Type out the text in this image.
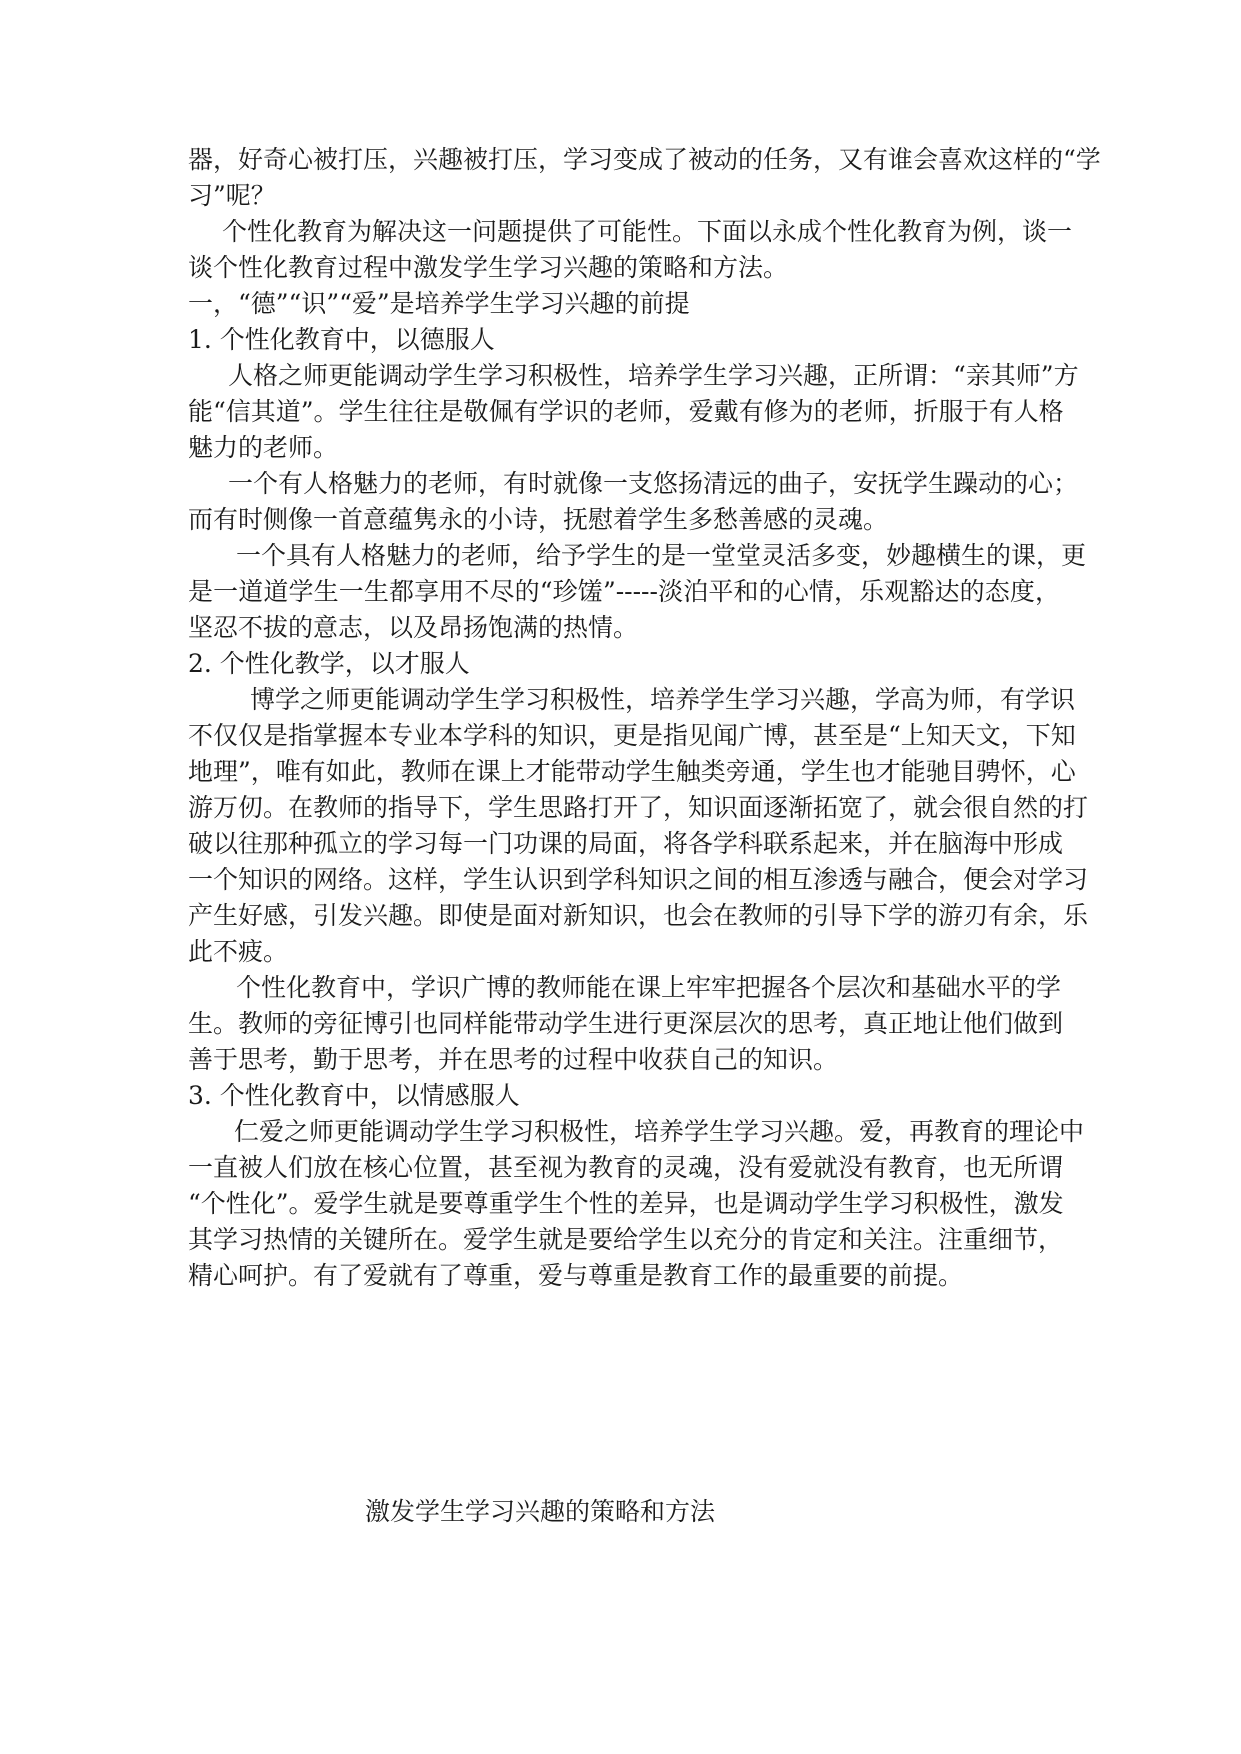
器，好奇心被打压，兴趣被打压，学习变成了被动的任务，又有谁会喜欢这样的“学
习”呢？
个性化教育为解决这一问题提供了可能性。下面以永成个性化教育为例，谈一
谈个性化教育过程中激发学生学习兴趣的策略和方法。
一，“德”“识”“爱”是培养学生学习兴趣的前提
1. 个性化教育中，以德服人
人格之师更能调动学生学习积极性，培养学生学习兴趣，正所谓：“亲其师”方
能“信其道”。学生往往是敬佩有学识的老师，爱戴有修为的老师，折服于有人格
魅力的老师。
一个有人格魅力的老师，有时就像一支悠扬清远的曲子，安抚学生躁动的心；
而有时侧像一首意蕴隽永的小诗，抚慰着学生多愁善感的灵魂。
一个具有人格魅力的老师，给予学生的是一堂堂灵活多变，妙趣横生的课，更
是一道道学生一生都享用不尽的“珍馐”-----淡泊平和的心情，乐观豁达的态度，
坚忍不拔的意志，以及昂扬饱满的热情。
2. 个性化教学，以才服人
博学之师更能调动学生学习积极性，培养学生学习兴趣，学高为师，有学识
不仅仅是指掌握本专业本学科的知识，更是指见闻广博，甚至是“上知天文，下知
地理”，唯有如此，教师在课上才能带动学生触类旁通，学生也才能驰目骋怀，心
游万仞。在教师的指导下，学生思路打开了，知识面逐渐拓宽了，就会很自然的打
破以往那种孤立的学习每一门功课的局面，将各学科联系起来，并在脑海中形成
一个知识的网络。这样，学生认识到学科知识之间的相互渗透与融合，便会对学习
产生好感，引发兴趣。即使是面对新知识，也会在教师的引导下学的游刃有余，乐
此不疲。
个性化教育中，学识广博的教师能在课上牢牢把握各个层次和基础水平的学
生。教师的旁征博引也同样能带动学生进行更深层次的思考，真正地让他们做到
善于思考，勤于思考，并在思考的过程中收获自己的知识。
3. 个性化教育中，以情感服人
仁爱之师更能调动学生学习积极性，培养学生学习兴趣。爱，再教育的理论中
一直被人们放在核心位置，甚至视为教育的灵魂，没有爱就没有教育，也无所谓
“个性化”。爱学生就是要尊重学生个性的差异，也是调动学生学习积极性，激发
其学习热情的关键所在。爱学生就是要给学生以充分的肯定和关注。注重细节，
精心呵护。有了爱就有了尊重，爱与尊重是教育工作的最重要的前提。
激发学生学习兴趣的策略和方法
